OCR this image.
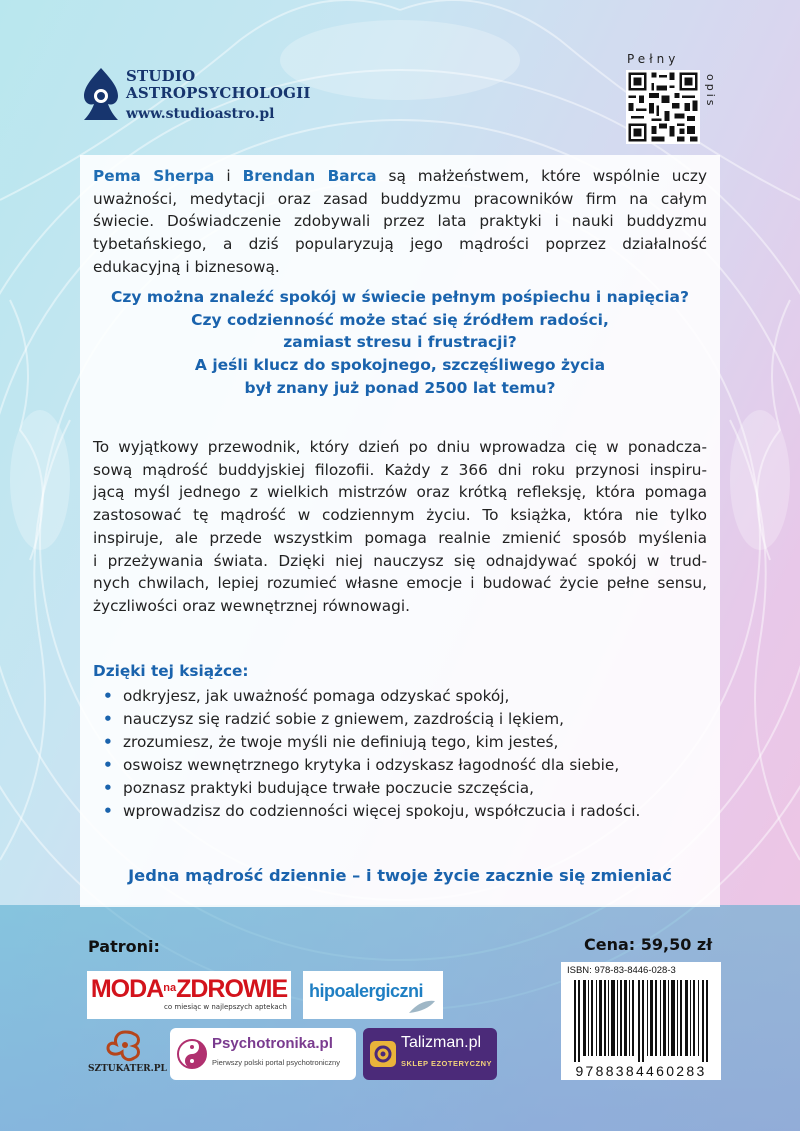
STUDIO
ASTROPSYCHOLOGII
www.studioastro.pl
Pełny
opis

Pema Sherpa i Brendan Barca są małżeństwem, które wspólnie uczy uważności, medytacji oraz zasad buddyzmu pracowników firm na całym świecie. Doświadczenie zdobywali przez lata praktyki i nauki buddyzmu tybetańskiego, a dziś popularyzują jego mądrości poprzez działalność edukacyjną i biznesową.

Czy można znaleźć spokój w świecie pełnym pośpiechu i napięcia?
Czy codzienność może stać się źródłem radości,
zamiast stresu i frustracji?
A jeśli klucz do spokojnego, szczęśliwego życia
był znany już ponad 2500 lat temu?

To wyjątkowy przewodnik, który dzień po dniu wprowadza cię w ponadcza-
sową mądrość buddyjskiej filozofii. Każdy z 366 dni roku przynosi inspiru-
jącą myśl jednego z wielkich mistrzów oraz krótką refleksję, która pomaga
zastosować tę mądrość w codziennym życiu. To książka, która nie tylko
inspiruje, ale przede wszystkim pomaga realnie zmienić sposób myślenia
i przeżywania świata. Dzięki niej nauczysz się odnajdywać spokój w trud-
nych chwilach, lepiej rozumieć własne emocje i budować życie pełne sensu,
życzliwości oraz wewnętrznej równowagi.

Dzięki tej książce:
• odkryjesz, jak uważność pomaga odzyskać spokój,
• nauczysz się radzić sobie z gniewem, zazdrością i lękiem,
• zrozumiesz, że twoje myśli nie definiują tego, kim jesteś,
• oswoisz wewnętrznego krytyka i odzyskasz łagodność dla siebie,
• poznasz praktyki budujące trwałe poczucie szczęścia,
• wprowadzisz do codzienności więcej spokoju, współczucia i radości.
Jedna mądrość dziennie – i twoje życie zacznie się zmieniać
Patroni:	Cena: 59,50 zł
$MODA^{na}ZDROWIE$
co miesiąc w najlepszych aptekach
hipoalergiczni
SZTUKATER.PL
Psychotronika.pl
Pierwszy polski portal psychotroniczny
Talizman.pl
SKLEP EZOTERYCZNY
ISBN: 978-83-8446-028-3
9788384460283
